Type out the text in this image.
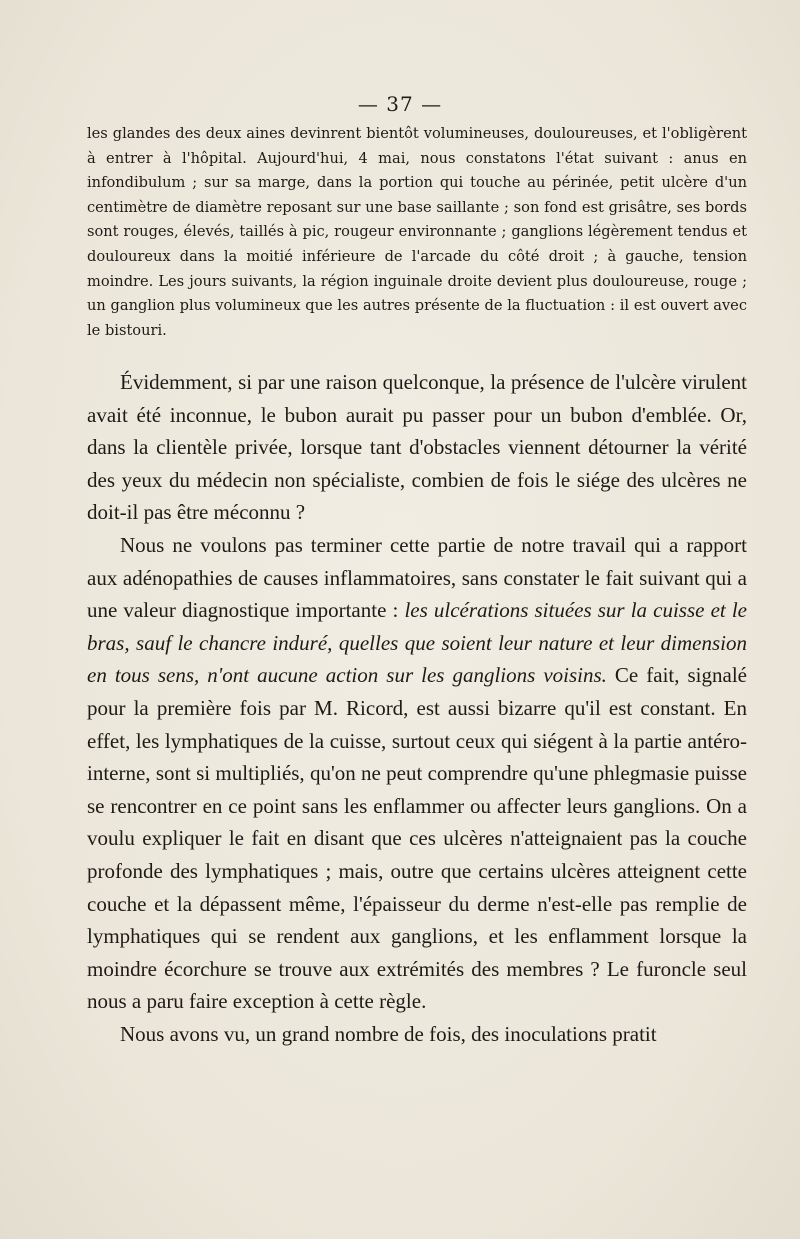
— 37 —
les glandes des deux aines devinrent bientôt volumineuses, douloureuses, et l'obligèrent à entrer à l'hôpital. Aujourd'hui, 4 mai, nous constatons l'état suivant : anus en infondibulum ; sur sa marge, dans la portion qui touche au périnée, petit ulcère d'un centimètre de diamètre reposant sur une base saillante ; son fond est grisâtre, ses bords sont rouges, élevés, taillés à pic, rougeur environnante ; ganglions légèrement tendus et douloureux dans la moitié inférieure de l'arcade du côté droit ; à gauche, tension moindre. Les jours suivants, la région inguinale droite devient plus douloureuse, rouge ; un ganglion plus volumineux que les autres présente de la fluctuation : il est ouvert avec le bistouri.

Évidemment, si par une raison quelconque, la présence de l'ulcère virulent avait été inconnue, le bubon aurait pu passer pour un bubon d'emblée. Or, dans la clientèle privée, lorsque tant d'obstacles viennent détourner la vérité des yeux du médecin non spécialiste, combien de fois le siége des ulcères ne doit-il pas être méconnu ?

Nous ne voulons pas terminer cette partie de notre travail qui a rapport aux adénopathies de causes inflammatoires, sans constater le fait suivant qui a une valeur diagnostique importante : les ulcérations situées sur la cuisse et le bras, sauf le chancre induré, quelles que soient leur nature et leur dimension en tous sens, n'ont aucune action sur les ganglions voisins. Ce fait, signalé pour la première fois par M. Ricord, est aussi bizarre qu'il est constant. En effet, les lymphatiques de la cuisse, surtout ceux qui siégent à la partie antéro-interne, sont si multipliés, qu'on ne peut comprendre qu'une phlegmasie puisse se rencontrer en ce point sans les enflammer ou affecter leurs ganglions. On a voulu expliquer le fait en disant que ces ulcères n'atteignaient pas la couche profonde des lymphatiques ; mais, outre que certains ulcères atteignent cette couche et la dépassent même, l'épaisseur du derme n'est-elle pas remplie de lymphatiques qui se rendent aux ganglions, et les enflamment lorsque la moindre écorchure se trouve aux extrémités des membres ? Le furoncle seul nous a paru faire exception à cette règle.

Nous avons vu, un grand nombre de fois, des inoculations pratit
